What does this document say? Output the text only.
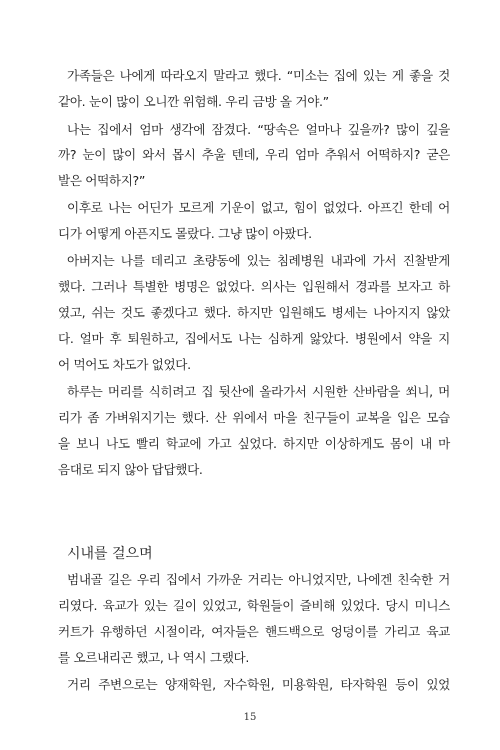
가족들은 나에게 따라오지 말라고 했다. “미소는 집에 있는 게 좋을 것
같아. 눈이 많이 오니깐 위험해. 우리 금방 올 거야.”
나는 집에서 엄마 생각에 잠겼다. “땅속은 얼마나 깊을까? 많이 깊을
까? 눈이 많이 와서 몹시 추울 텐데, 우리 엄마 추워서 어떡하지? 굳은
발은 어떡하지?”
이후로 나는 어딘가 모르게 기운이 없고, 힘이 없었다. 아프긴 한데 어
디가 어떻게 아픈지도 몰랐다. 그냥 많이 아팠다.
아버지는 나를 데리고 초량동에 있는 침례병원 내과에 가서 진찰받게
했다. 그러나 특별한 병명은 없었다. 의사는 입원해서 경과를 보자고 하
였고, 쉬는 것도 좋겠다고 했다. 하지만 입원해도 병세는 나아지지 않았
다. 얼마 후 퇴원하고, 집에서도 나는 심하게 앓았다. 병원에서 약을 지
어 먹어도 차도가 없었다.
하루는 머리를 식히려고 집 뒷산에 올라가서 시원한 산바람을 쐬니, 머
리가 좀 가벼워지기는 했다. 산 위에서 마을 친구들이 교복을 입은 모습
을 보니 나도 빨리 학교에 가고 싶었다. 하지만 이상하게도 몸이 내 마
음대로 되지 않아 답답했다.
시내를 걸으며
범내골 길은 우리 집에서 가까운 거리는 아니었지만, 나에겐 친숙한 거
리였다. 육교가 있는 길이 있었고, 학원들이 즐비해 있었다. 당시 미니스
커트가 유행하던 시절이라, 여자들은 핸드백으로 엉덩이를 가리고 육교
를 오르내리곤 했고, 나 역시 그랬다.
거리 주변으로는 양재학원, 자수학원, 미용학원, 타자학원 등이 있었
15
